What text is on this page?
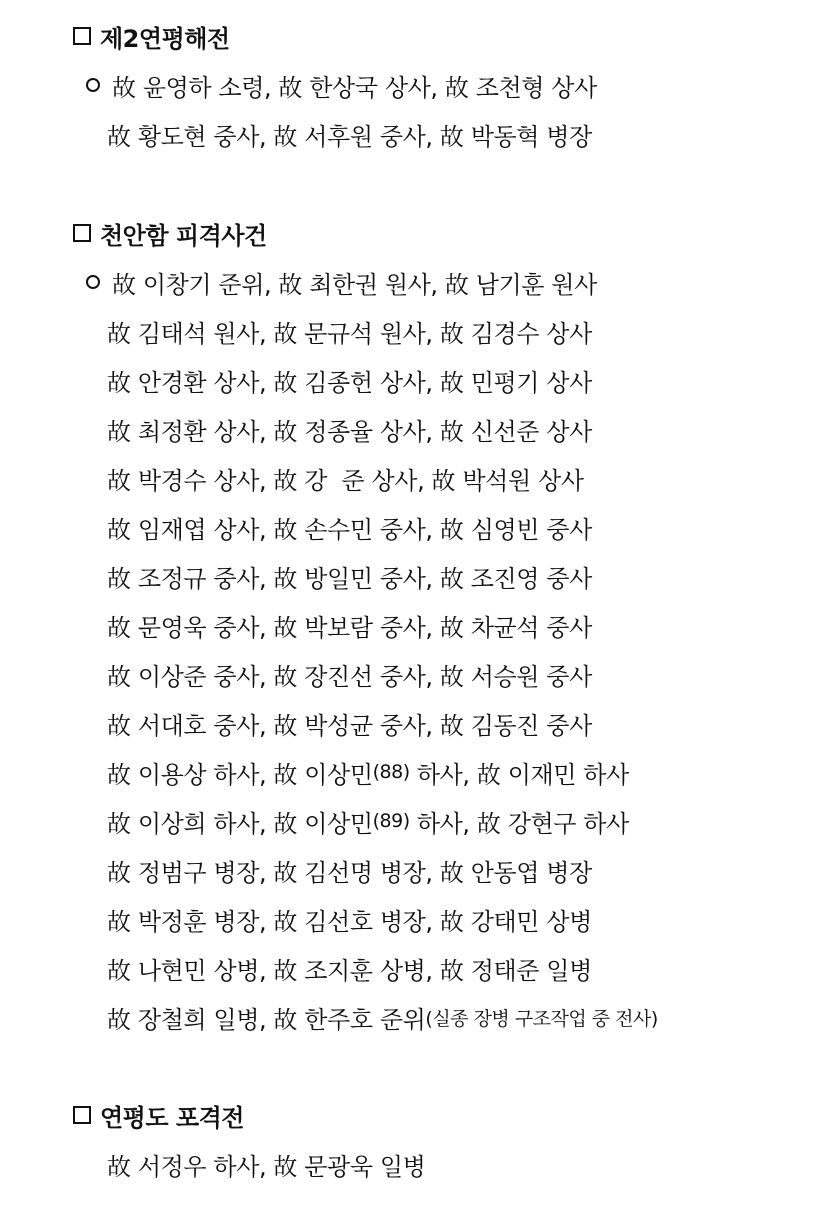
제2연평해전
故 윤영하 소령, 故 한상국 상사, 故 조천형 상사
故 황도현 중사, 故 서후원 중사, 故 박동혁 병장
천안함 피격사건
故 이창기 준위, 故 최한권 원사, 故 남기훈 원사
故 김태석 원사, 故 문규석 원사, 故 김경수 상사
故 안경환 상사, 故 김종헌 상사, 故 민평기 상사
故 최정환 상사, 故 정종율 상사, 故 신선준 상사
故 박경수 상사, 故 강  준 상사, 故 박석원 상사
故 임재엽 상사, 故 손수민 중사, 故 심영빈 중사
故 조정규 중사, 故 방일민 중사, 故 조진영 중사
故 문영욱 중사, 故 박보람 중사, 故 차균석 중사
故 이상준 중사, 故 장진선 중사, 故 서승원 중사
故 서대호 중사, 故 박성균 중사, 故 김동진 중사
故 이용상 하사, 故 이상민 (88) 하사, 故 이재민 하사
故 이상희 하사, 故 이상민 (89) 하사, 故 강현구 하사
故 정범구 병장, 故 김선명 병장, 故 안동엽 병장
故 박정훈 병장, 故 김선호 병장, 故 강태민 상병
故 나현민 상병, 故 조지훈 상병, 故 정태준 일병
故 장철희 일병, 故 한주호 준위 (실종 장병 구조작업 중 전사)
연평도 포격전
故 서정우 하사, 故 문광욱 일병
